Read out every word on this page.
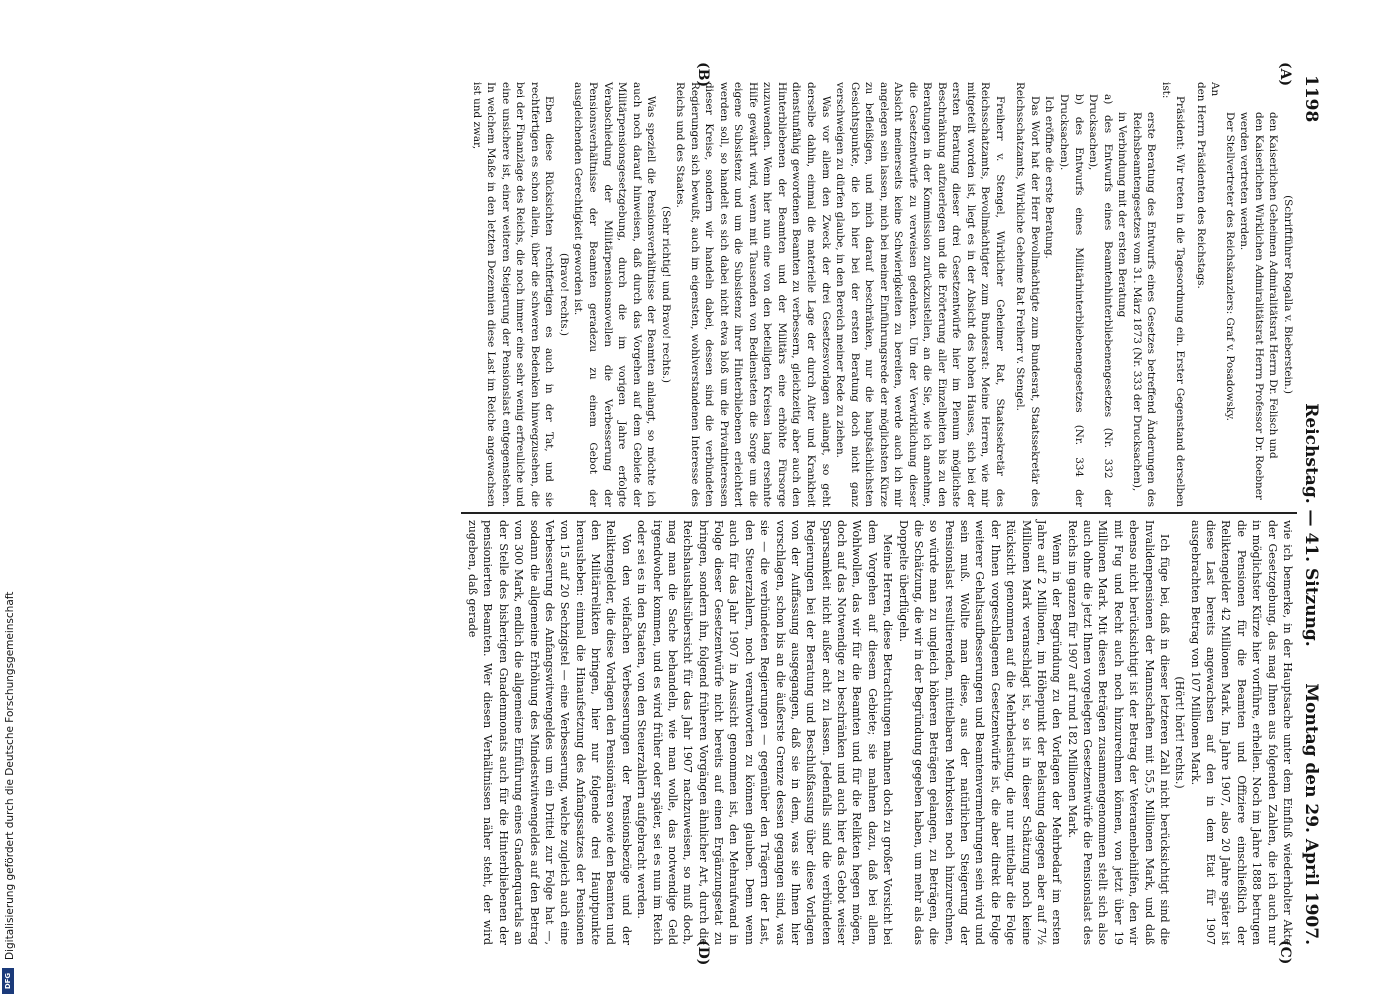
Digitalisierung gefördert durch die Deutsche Forschungsgemeinschaft
DFG
1198
Reichstag. — 41. Sitzung.
Montag den 29. April 1907.
(A)
(B)
(C)
(D)

(Schriftführer Rogalla v. Bieberstein.)

den Kaiserlichen Geheimen Admiralitätsrat Herrn Dr. Felisch und

den Kaiserlichen Wirklichen Admiralitätsrat Herrn Professor Dr. Roebner

werden vertreten werden.

Der Stellvertreter des Reichskanzlers: Graf v. Posadowsky.

An

den Herrn Präsidenten des Reichstags.

Präsident: Wir treten in die Tagesordnung ein. Erster Gegenstand derselben ist:

erste Beratung des Entwurfs eines Gesetzes betreffend Änderungen des Reichsbeamtengesetzes vom 31. März 1873 (Nr. 333 der Drucksachen),

in Verbindung mit der ersten Beratung

a) des Entwurfs eines Beamtenhinterbliebenengesetzes (Nr. 332 der Drucksachen),

b) des Entwurfs eines Militärhinterbliebenengesetzes (Nr. 334 der Drucksachen).

Ich eröffne die erste Beratung.

Das Wort hat der Herr Bevollmächtigte zum Bundesrat, Staatssekretär des Reichsschatzamts, Wirkliche Geheime Rat Freiherr v. Stengel.

Freiherr v. Stengel, Wirklicher Geheimer Rat, Staatssekretär des Reichsschatzamts, Bevollmächtigter zum Bundesrat: Meine Herren, wie mir mitgeteilt worden ist, liegt es in der Absicht des hohen Hauses, sich bei der ersten Beratung dieser drei Gesetzentwürfe hier im Plenum möglichste Beschränkung aufzuerlegen und die Erörterung aller Einzelheiten bis zu den Beratungen in der Kommission zurückzustellen, an die Sie, wie ich annehme, die Gesetzentwürfe zu verweisen gedenken. Um der Verwirklichung dieser Absicht meinerseits keine Schwierigkeiten zu bereiten, werde auch ich mir angelegen sein lassen, mich bei meiner Einführungsrede der möglichsten Kürze zu befleißigen, und mich darauf beschränken, nur die hauptsächlichsten Gesichtspunkte, die ich hier bei der ersten Beratung doch nicht ganz verschweigen zu dürfen glaube, in den Bereich meiner Rede zu ziehen.

Was vor allem den Zweck der drei Gesetzesvorlagen anlangt, so geht derselbe dahin, einmal die materielle Lage der durch Alter und Krankheit dienstunfähig gewordenen Beamten zu verbessern, gleichzeitig aber auch den Hinterbliebenen der Beamten und der Militärs eine erhöhte Fürsorge zuzuwenden. Wenn hier nun eine von den beteiligten Kreisen lang ersehnte Hilfe gewährt wird, wenn mit Tausenden von Bediensteten die Sorge um die eigene Subsistenz und um die Subsistenz ihrer Hinterbliebenen erleichtert werden soll, so handelt es sich dabei nicht etwa bloß um die Privatinteressen dieser Kreise, sondern wir handeln dabei, dessen sind die verbündeten Regierungen sich bewußt, auch im eigensten, wohlverstandenen Interesse des Reichs und des Staates.

(Sehr richtig! und Bravo! rechts.)

Was speziell die Pensionsverhältnisse der Beamten anlangt, so möchte ich auch noch darauf hinweisen, daß durch das Vorgehen auf dem Gebiete der Militärpensionsgesetzgebung, durch die im vorigen Jahre erfolgte Verabschiedung der Militärpensionsnovellen die Verbesserung der Pensionsverhältnisse der Beamten geradezu zu einem Gebot der ausgleichenden Gerechtigkeit geworden ist.

(Bravo! rechts.)

Eben diese Rücksichten rechtfertigen es auch in der Tat, und sie rechtfertigen es schon allein, über die schweren Bedenken hinwegzusehen, die bei der Finanzlage des Reichs, die noch immer eine sehr wenig erfreuliche und eine unsichere ist, einer weiteren Steigerung der Pensionslast entgegenstehen. In welchem Maße in den letzten Dezennien diese Last im Reiche angewachsen ist und zwar,

wie ich bemerke, in der Hauptsache unter dem Einfluß wiederholter Akte der Gesetzgebung, das mag Ihnen aus folgenden Zahlen, die ich auch nur in möglichster Kürze hier vorführe, erhellen. Noch im Jahre 1888 betrugen die Pensionen für die Beamten und Offiziere einschließlich der Reliktengelder 42 Millionen Mark. Im Jahre 1907, also 20 Jahre später ist diese Last bereits angewachsen auf den in dem Etat für 1907 ausgebrachten Betrag von 107 Millionen Mark.

(Hört! hört! rechts.)

Ich füge bei, daß in dieser letzteren Zahl nicht berücksichtigt sind die Invalidenpensionen der Mannschaften mit 55,5 Millionen Mark, und daß ebenso nicht berücksichtigt ist der Betrag der Veteranenbeihilfen, den wir mit Fug und Recht auch noch hinzurechnen können, von jetzt über 19 Millionen Mark. Mit diesen Beträgen zusammengenommen stellt sich also auch ohne die jetzt Ihnen vorgelegten Gesetzentwürfe die Pensionslast des Reichs im ganzen für 1907 auf rund 182 Millionen Mark.

Wenn in der Begründung zu den Vorlagen der Mehrbedarf im ersten Jahre auf 2 Millionen, im Höhepunkt der Belastung dagegen aber auf 7½ Millionen Mark veranschlagt ist, so ist in dieser Schätzung noch keine Rücksicht genommen auf die Mehrbelastung, die nur mittelbar die Folge der Ihnen vorgeschlagenen Gesetzentwürfe ist, die aber direkt die Folge weiterer Gehaltsaufbesserungen und Beamtenvermehrungen sein wird und sein muß. Wollte man diese, aus der natürlichen Steigerung der Pensionslast resultierenden, mittelbaren Mehrkosten noch hinzurechnen, so würde man zu ungleich höheren Beträgen gelangen, zu Beträgen, die die Schätzung, die wir in der Begründung gegeben haben, um mehr als das Doppelte überflügeln.

Meine Herren, diese Betrachtungen mahnen doch zu großer Vorsicht bei dem Vorgehen auf diesem Gebiete; sie mahnen dazu, daß bei allem Wohlwollen, das wir für die Beamten und für die Relikten hegen mögen, doch auf das Notwendige zu beschränken und auch hier das Gebot weiser Sparsamkeit nicht außer acht zu lassen. Jedenfalls sind die verbündeten Regierungen bei der Beratung und Beschlußfassung über diese Vorlagen von der Auffassung ausgegangen, daß sie in dem, was sie Ihnen hier vorschlagen, schon bis an die äußerste Grenze dessen gegangen sind, was sie — die verbündeten Regierungen — gegenüber den Trägern der Last, den Steuerzahlern, noch verantworten zu können glauben. Denn wenn auch für das Jahr 1907 in Aussicht genommen ist, den Mehraufwand in Folge dieser Gesetzentwürfe nicht bereits auf einen Ergänzungsetat zu bringen, sondern ihn, folgend früheren Vorgängen ähnlicher Art, durch die Reichshaushaltsübersicht für das Jahr 1907 nachzuweisen, so muß doch, mag man die Sache behandeln, wie man wolle, das notwendige Geld irgendwoher kommen, und es wird früher oder später, sei es nun im Reich oder sei es in den Staaten, von den Steuerzahlern aufgebracht werden.

Von den vielfachen Verbesserungen der Pensionsbezüge und der Reliktengelder, die diese Vorlagen den Pensionären sowie den Beamten und den Militärrelikten bringen, hier nur folgende drei Hauptpunkte herausheben: einmal die Hinaufsetzung des Anfangssatzes der Pensionen von 15 auf 20 Sechzigstel — eine Verbesserung, welche zugleich auch eine Verbesserung des Anfangswitwengeldes um ein Drittel zur Folge hat —, sodann die allgemeine Erhöhung des Mindestwitwengeldes auf den Betrag von 300 Mark, endlich die allgemeine Einführung eines Gnadenquartals an der Stelle des bisherigen Gnadenmonats auch für die Hinterbliebenen der pensionierten Beamten. Wer diesen Verhältnissen näher steht, der wird zugeben, daß gerade
